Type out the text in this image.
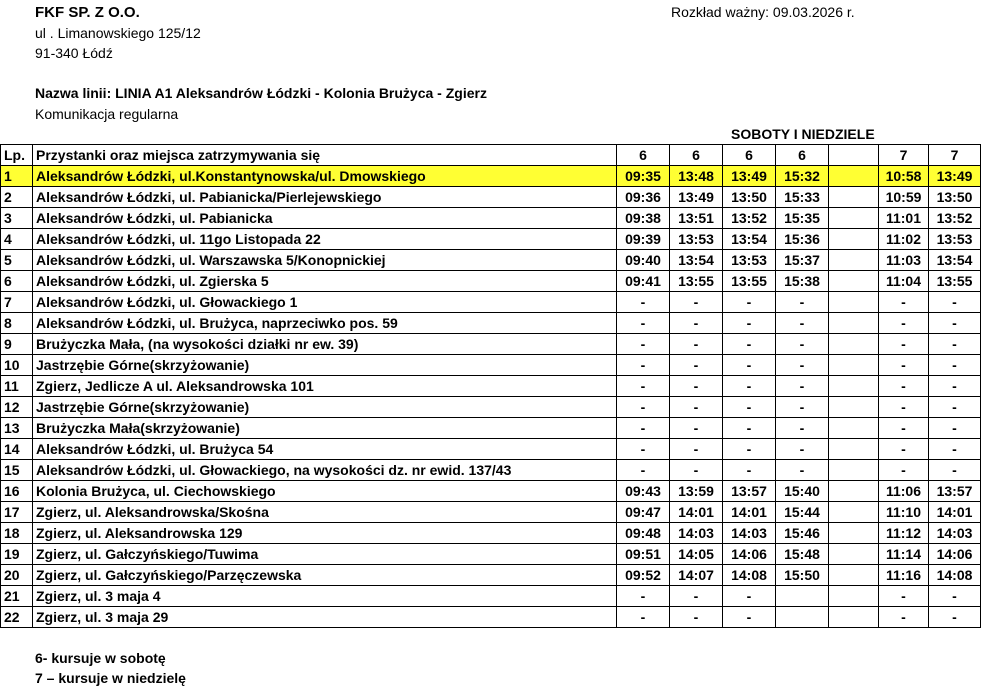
FKF SP. Z O.O.
ul . Limanowskiego 125/12
91-340 Łódź
Rozkład ważny: 09.03.2026 r.
Nazwa linii: LINIA A1 Aleksandrów Łódzki - Kolonia Brużyca - Zgierz
Komunikacja regularna
SOBOTY I NIEDZIELE
Lp.	Przystanki oraz miejsca zatrzymywania się	6	6	6	6		7	7
1	Aleksandrów Łódzki, ul.Konstantynowska/ul. Dmowskiego	09:35	13:48	13:49	15:32		10:58	13:49
2	Aleksandrów Łódzki, ul. Pabianicka/Pierlejewskiego	09:36	13:49	13:50	15:33		10:59	13:50
3	Aleksandrów Łódzki, ul. Pabianicka	09:38	13:51	13:52	15:35		11:01	13:52
4	Aleksandrów Łódzki, ul. 11go Listopada 22	09:39	13:53	13:54	15:36		11:02	13:53
5	Aleksandrów Łódzki, ul. Warszawska 5/Konopnickiej	09:40	13:54	13:53	15:37		11:03	13:54
6	Aleksandrów Łódzki, ul. Zgierska 5	09:41	13:55	13:55	15:38		11:04	13:55
7	Aleksandrów Łódzki, ul. Głowackiego 1	-	-	-	-		-	-
8	Aleksandrów Łódzki, ul. Brużyca, naprzeciwko pos. 59	-	-	-	-		-	-
9	Brużyczka Mała, (na wysokości działki nr ew. 39)	-	-	-	-		-	-
10	Jastrzębie Górne(skrzyżowanie)	-	-	-	-		-	-
11	Zgierz, Jedlicze A ul. Aleksandrowska 101	-	-	-	-		-	-
12	Jastrzębie Górne(skrzyżowanie)	-	-	-	-		-	-
13	Brużyczka Mała(skrzyżowanie)	-	-	-	-		-	-
14	Aleksandrów Łódzki, ul. Brużyca 54	-	-	-	-		-	-
15	Aleksandrów Łódzki, ul. Głowackiego, na wysokości dz. nr ewid. 137/43	-	-	-	-		-	-
16	Kolonia Brużyca, ul. Ciechowskiego	09:43	13:59	13:57	15:40		11:06	13:57
17	Zgierz, ul. Aleksandrowska/Skośna	09:47	14:01	14:01	15:44		11:10	14:01
18	Zgierz, ul. Aleksandrowska 129	09:48	14:03	14:03	15:46		11:12	14:03
19	Zgierz, ul. Gałczyńskiego/Tuwima	09:51	14:05	14:06	15:48		11:14	14:06
20	Zgierz, ul. Gałczyńskiego/Parzęczewska	09:52	14:07	14:08	15:50		11:16	14:08
21	Zgierz, ul. 3 maja 4	-	-	-			-	-
22	Zgierz, ul. 3 maja 29	-	-	-			-	-
6- kursuje w sobotę
7 – kursuje w niedzielę
